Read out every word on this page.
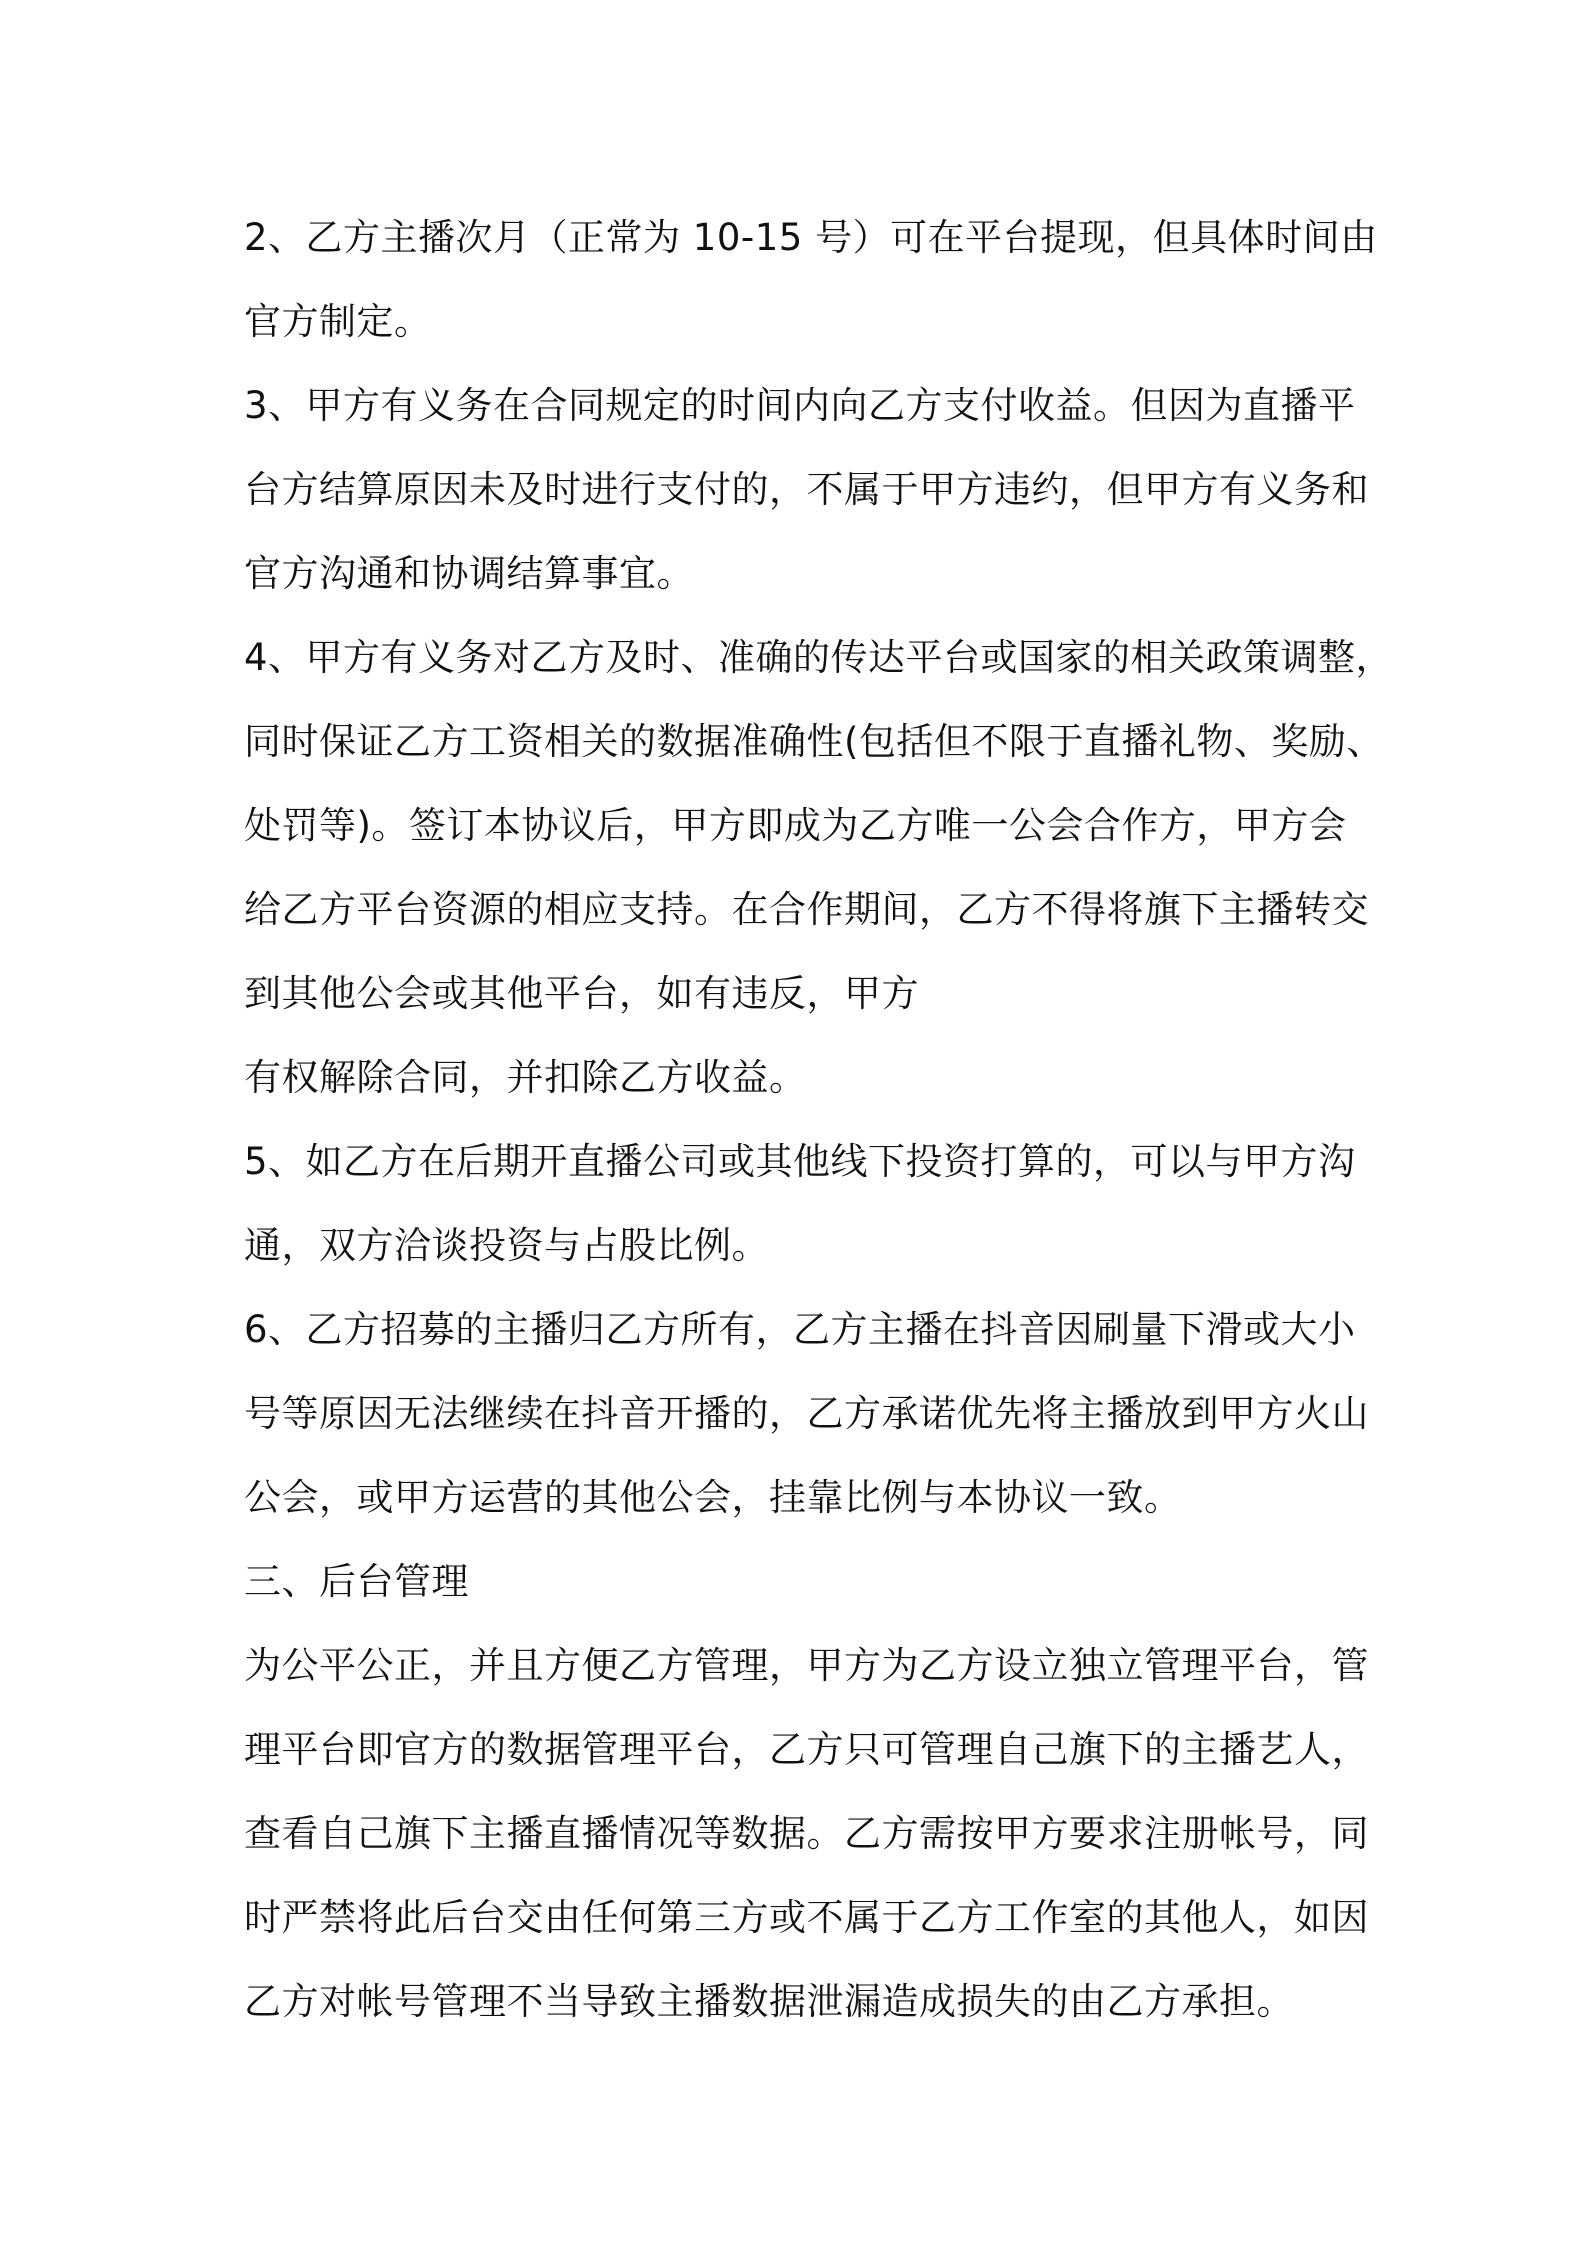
2、乙方主播次月（正常为 10-15 号）可在平台提现，但具体时间由
官方制定。
3、甲方有义务在合同规定的时间内向乙方支付收益。但因为直播平
台方结算原因未及时进行支付的，不属于甲方违约，但甲方有义务和
官方沟通和协调结算事宜。
4、甲方有义务对乙方及时、准确的传达平台或国家的相关政策调整，
同时保证乙方工资相关的数据准确性(包括但不限于直播礼物、奖励、
处罚等)。签订本协议后，甲方即成为乙方唯一公会合作方，甲方会
给乙方平台资源的相应支持。在合作期间，乙方不得将旗下主播转交
到其他公会或其他平台，如有违反，甲方
有权解除合同，并扣除乙方收益。
5、如乙方在后期开直播公司或其他线下投资打算的，可以与甲方沟
通，双方洽谈投资与占股比例。
6、乙方招募的主播归乙方所有，乙方主播在抖音因刷量下滑或大小
号等原因无法继续在抖音开播的，乙方承诺优先将主播放到甲方火山
公会，或甲方运营的其他公会，挂靠比例与本协议一致。
三、后台管理
为公平公正，并且方便乙方管理，甲方为乙方设立独立管理平台，管
理平台即官方的数据管理平台，乙方只可管理自己旗下的主播艺人，
查看自己旗下主播直播情况等数据。乙方需按甲方要求注册帐号，同
时严禁将此后台交由任何第三方或不属于乙方工作室的其他人，如因
乙方对帐号管理不当导致主播数据泄漏造成损失的由乙方承担。
